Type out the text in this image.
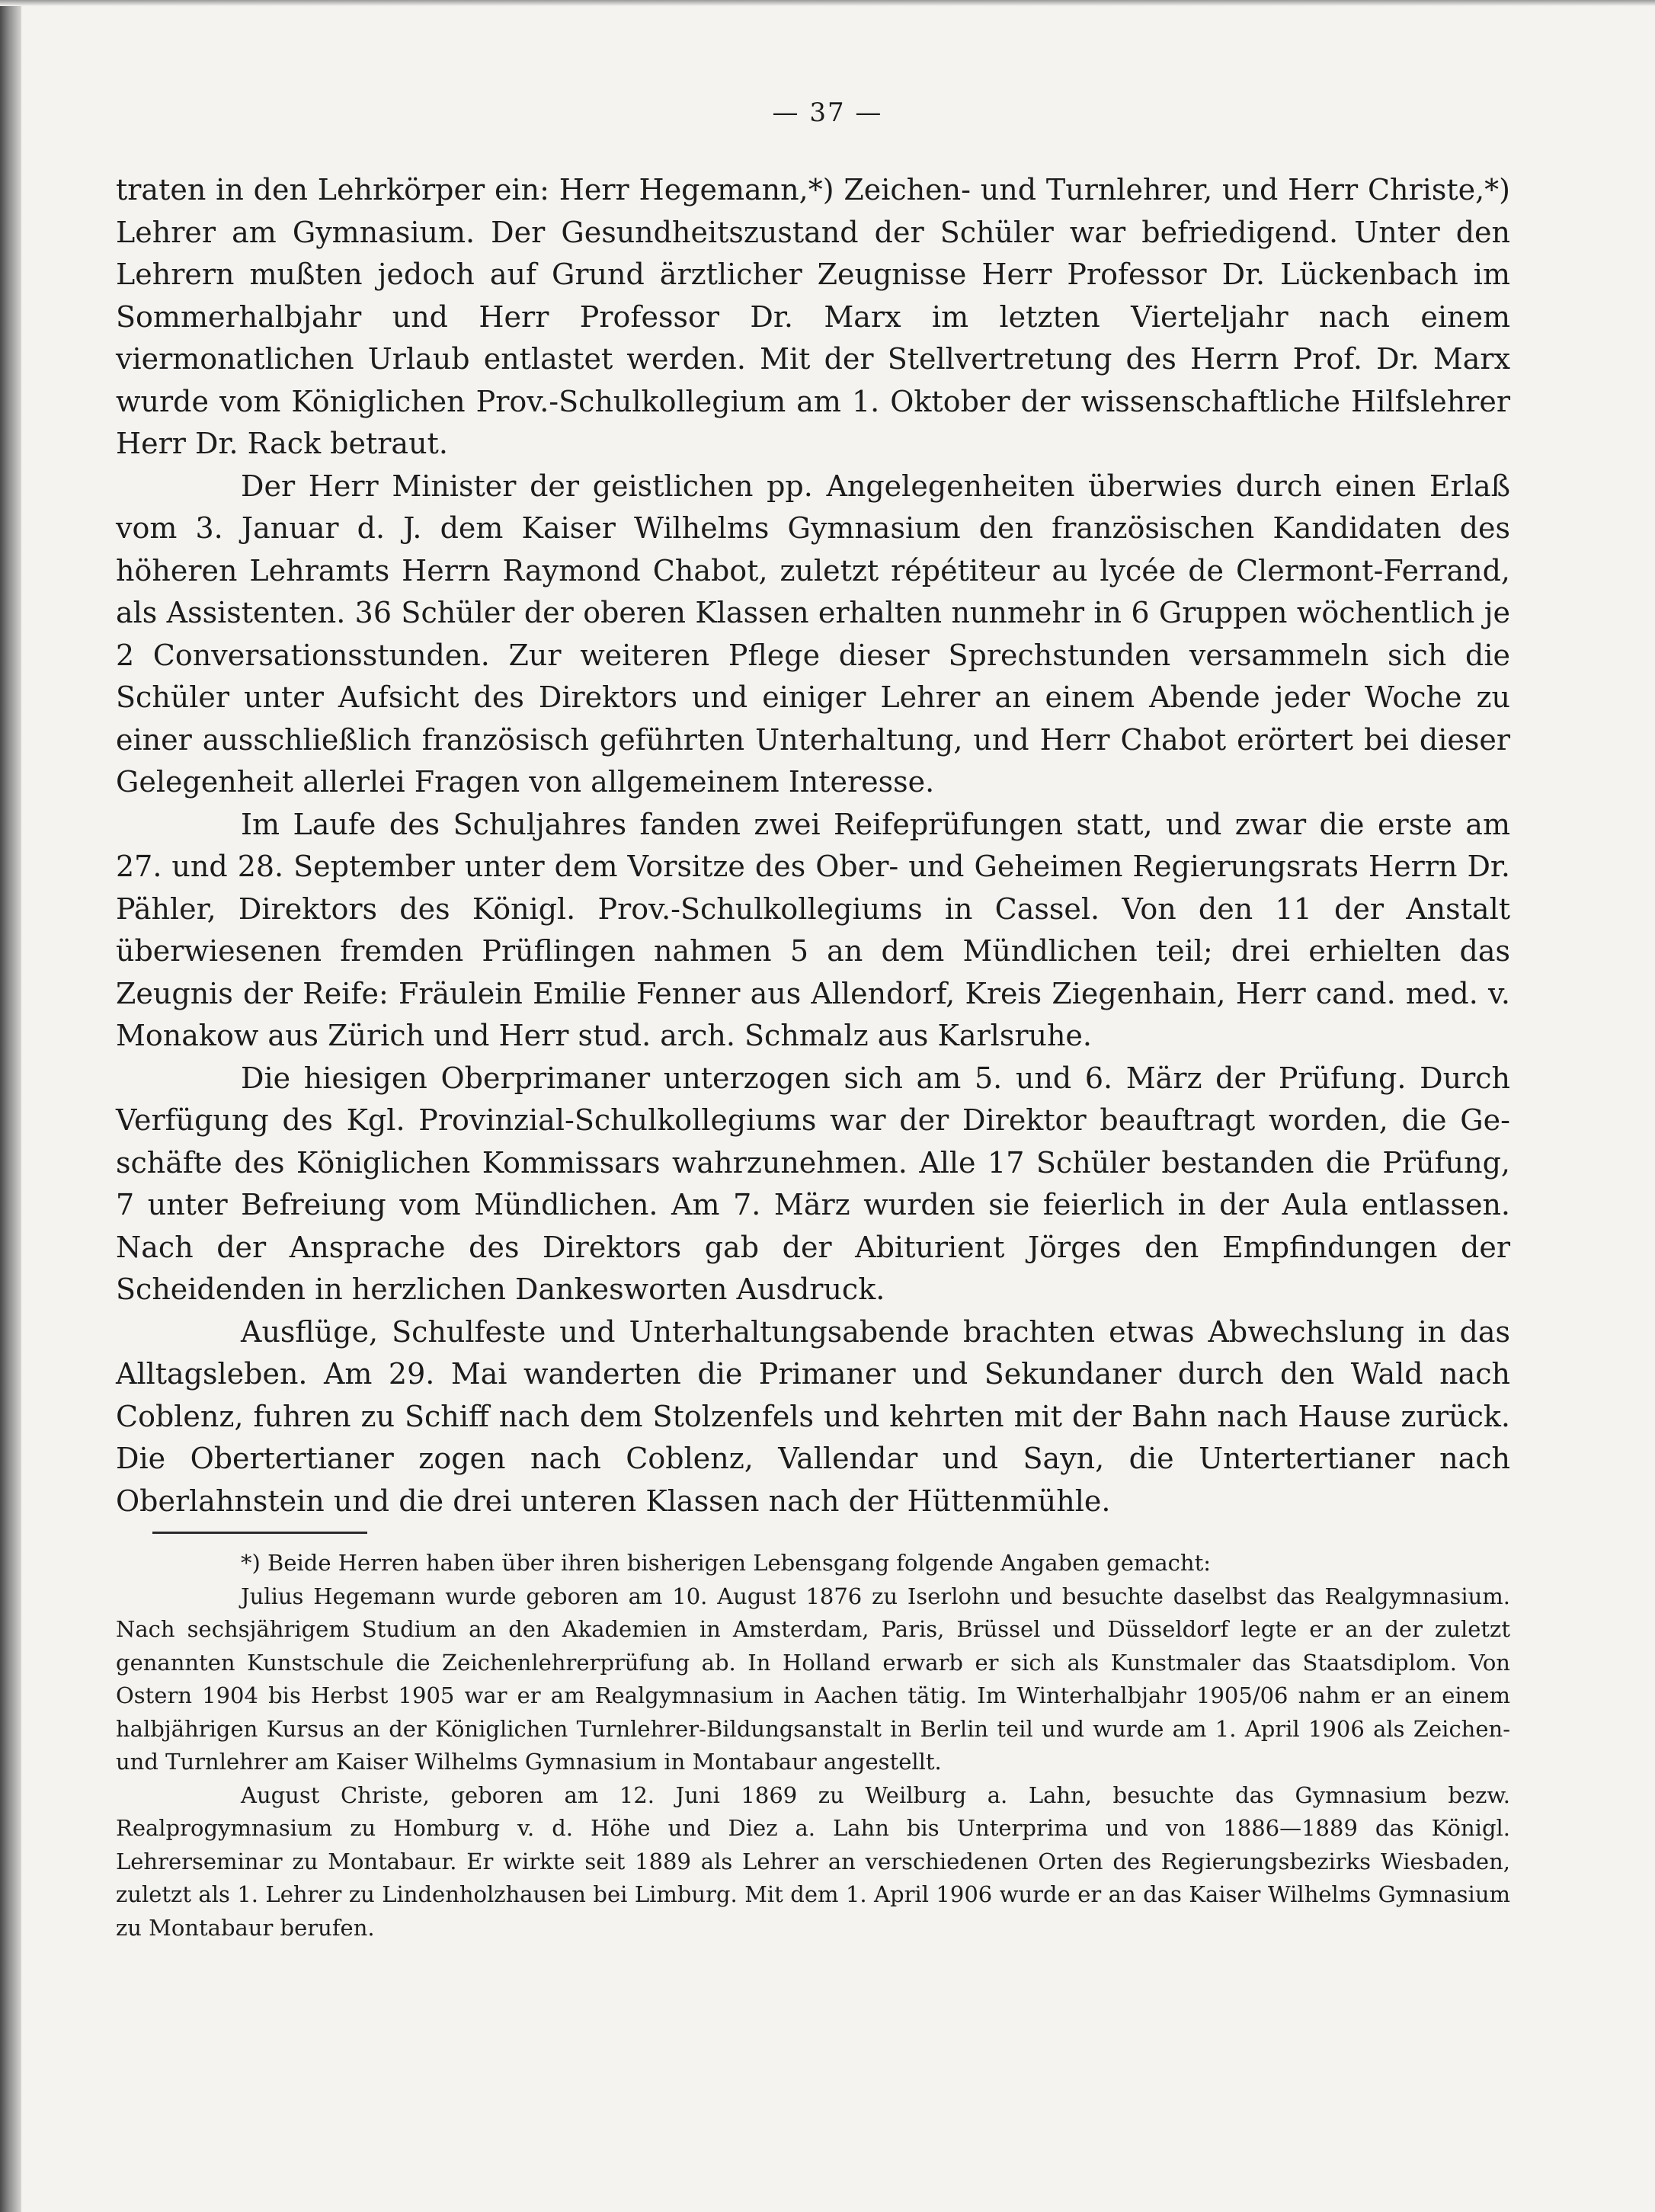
— 37 —

traten in den Lehrkörper ein: Herr Hegemann,*) Zeichen- und Turnlehrer, und Herr Christe,*) Lehrer am Gymnasium. Der Gesundheitszustand der Schüler war befriedigend. Unter den Lehrern mußten jedoch auf Grund ärztlicher Zeugnisse Herr Professor Dr. Lückenbach im Sommerhalbjahr und Herr Professor Dr. Marx im letzten Vierteljahr nach einem viermonatlichen Urlaub entlastet werden. Mit der Stellvertretung des Herrn Prof. Dr. Marx wurde vom Königlichen Prov.-Schulkollegium am 1. Oktober der wissenschaftliche Hilfslehrer Herr Dr. Rack betraut.

Der Herr Minister der geistlichen pp. Angelegenheiten überwies durch einen Erlaß vom 3. Januar d. J. dem Kaiser Wilhelms Gymnasium den französischen Kandidaten des höheren Lehramts Herrn Raymond Chabot, zuletzt répétiteur au lycée de Clermont-Ferrand, als Assistenten. 36 Schüler der oberen Klassen erhalten nunmehr in 6 Gruppen wöchentlich je 2 Conversationsstunden. Zur weiteren Pflege dieser Sprechstunden versammeln sich die Schüler unter Aufsicht des Direktors und einiger Lehrer an einem Abende jeder Woche zu einer ausschließlich französisch geführten Unterhaltung, und Herr Chabot erörtert bei dieser Gelegenheit allerlei Fragen von allgemeinem Interesse.

Im Laufe des Schuljahres fanden zwei Reifeprüfungen statt, und zwar die erste am 27. und 28. September unter dem Vorsitze des Ober- und Geheimen Regierungsrats Herrn Dr. Pähler, Direktors des Königl. Prov.-Schulkollegiums in Cassel. Von den 11 der Anstalt überwiesenen fremden Prüflingen nahmen 5 an dem Mündlichen teil; drei erhielten das Zeugnis der Reife: Fräulein Emilie Fenner aus Allendorf, Kreis Ziegenhain, Herr cand. med. v. Monakow aus Zürich und Herr stud. arch. Schmalz aus Karlsruhe.

Die hiesigen Oberprimaner unterzogen sich am 5. und 6. März der Prüfung. Durch Verfügung des Kgl. Provinzial-Schulkollegiums war der Direktor beauftragt worden, die Geschäfte des Königlichen Kommissars wahrzunehmen. Alle 17 Schüler bestanden die Prüfung, 7 unter Befreiung vom Mündlichen. Am 7. März wurden sie feierlich in der Aula entlassen. Nach der Ansprache des Direktors gab der Abiturient Jörges den Empfindungen der Scheidenden in herzlichen Dankesworten Ausdruck.

Ausflüge, Schulfeste und Unterhaltungsabende brachten etwas Abwechslung in das Alltagsleben. Am 29. Mai wanderten die Primaner und Sekundaner durch den Wald nach Coblenz, fuhren zu Schiff nach dem Stolzenfels und kehrten mit der Bahn nach Hause zurück. Die Obertertianer zogen nach Coblenz, Vallendar und Sayn, die Untertertianer nach Oberlahnstein und die drei unteren Klassen nach der Hüttenmühle.

*) Beide Herren haben über ihren bisherigen Lebensgang folgende Angaben gemacht:

Julius Hegemann wurde geboren am 10. August 1876 zu Iserlohn und besuchte daselbst das Realgymnasium. Nach sechsjährigem Studium an den Akademien in Amsterdam, Paris, Brüssel und Düsseldorf legte er an der zuletzt genannten Kunstschule die Zeichenlehrerprüfung ab. In Holland erwarb er sich als Kunstmaler das Staatsdiplom. Von Ostern 1904 bis Herbst 1905 war er am Realgymnasium in Aachen tätig. Im Winterhalbjahr 1905/06 nahm er an einem halbjährigen Kursus an der Königlichen Turnlehrer-Bildungsanstalt in Berlin teil und wurde am 1. April 1906 als Zeichen- und Turnlehrer am Kaiser Wilhelms Gymnasium in Montabaur angestellt.

August Christe, geboren am 12. Juni 1869 zu Weilburg a. Lahn, besuchte das Gymnasium bezw. Realprogymnasium zu Homburg v. d. Höhe und Diez a. Lahn bis Unterprima und von 1886—1889 das Königl. Lehrerseminar zu Montabaur. Er wirkte seit 1889 als Lehrer an verschiedenen Orten des Regierungsbezirks Wiesbaden, zuletzt als 1. Lehrer zu Lindenholzhausen bei Limburg. Mit dem 1. April 1906 wurde er an das Kaiser Wilhelms Gymnasium zu Montabaur berufen.
